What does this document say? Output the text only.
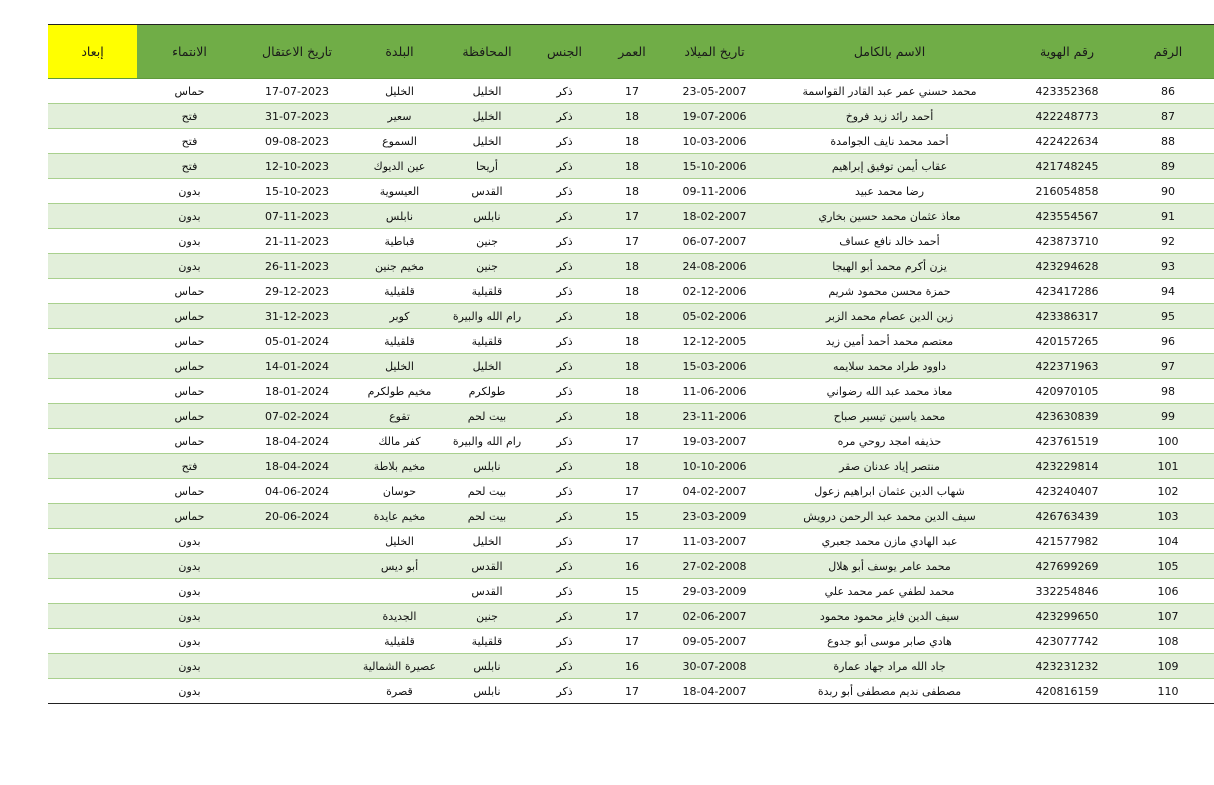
الرقم	رقم الهوية	الاسم بالكامل	تاريخ الميلاد	العمر	الجنس	المحافظة	البلدة	تاريخ الاعتقال	الانتماء	إبعاد
86	423352368	محمد حسني عمر عبد القادر القواسمة	23-05-2007	17	ذكر	الخليل	الخليل	17-07-2023	حماس	
87	422248773	أحمد رائد زيد فروخ	19-07-2006	18	ذكر	الخليل	سعير	31-07-2023	فتح	
88	422422634	أحمد محمد نايف الجوامدة	10-03-2006	18	ذكر	الخليل	السموع	09-08-2023	فتح	
89	421748245	عقاب أيمن توفيق إبراهيم	15-10-2006	18	ذكر	أريحا	عين الديوك	12-10-2023	فتح	
90	216054858	رضا محمد عبيد	09-11-2006	18	ذكر	القدس	العيسوية	15-10-2023	بدون	
91	423554567	معاذ عثمان محمد حسين بخاري	18-02-2007	17	ذكر	نابلس	نابلس	07-11-2023	بدون	
92	423873710	أحمد خالد نافع عساف	06-07-2007	17	ذكر	جنين	قباطية	21-11-2023	بدون	
93	423294628	يزن أكرم محمد أبو الهيجا	24-08-2006	18	ذكر	جنين	مخيم جنين	26-11-2023	بدون	
94	423417286	حمزة محسن محمود شريم	02-12-2006	18	ذكر	قلقيلية	قلقيلية	29-12-2023	حماس	
95	423386317	زين الدين عصام محمد الزبر	05-02-2006	18	ذكر	رام الله والبيرة	كوبر	31-12-2023	حماس	
96	420157265	معتصم محمد أحمد أمين زيد	12-12-2005	18	ذكر	قلقيلية	قلقيلية	05-01-2024	حماس	
97	422371963	داوود طراد محمد سلايمه	15-03-2006	18	ذكر	الخليل	الخليل	14-01-2024	حماس	
98	420970105	معاذ محمد عبد الله رضواني	11-06-2006	18	ذكر	طولكرم	مخيم طولكرم	18-01-2024	حماس	
99	423630839	محمد ياسين تيسير صباح	23-11-2006	18	ذكر	بيت لحم	تقوع	07-02-2024	حماس	
100	423761519	حذيفه امجد روحي مره	19-03-2007	17	ذكر	رام الله والبيرة	كفر مالك	18-04-2024	حماس	
101	423229814	منتصر إياد عدنان صقر	10-10-2006	18	ذكر	نابلس	مخيم بلاطة	18-04-2024	فتح	
102	423240407	شهاب الدين عثمان ابراهيم زعول	04-02-2007	17	ذكر	بيت لحم	حوسان	04-06-2024	حماس	
103	426763439	سيف الدين محمد عبد الرحمن درويش	23-03-2009	15	ذكر	بيت لحم	مخيم عايدة	20-06-2024	حماس	
104	421577982	عبد الهادي مازن محمد جعبري	11-03-2007	17	ذكر	الخليل	الخليل		بدون	
105	427699269	محمد عامر يوسف أبو هلال	27-02-2008	16	ذكر	القدس	أبو ديس		بدون	
106	332254846	محمد لطفي عمر محمد علي	29-03-2009	15	ذكر	القدس			بدون	
107	423299650	سيف الدين فايز محمود محمود	02-06-2007	17	ذكر	جنين	الجديدة		بدون	
108	423077742	هادي صابر موسى أبو جدوع	09-05-2007	17	ذكر	قلقيلية	قلقيلية		بدون	
109	423231232	جاد الله مراد جهاد عمارة	30-07-2008	16	ذكر	نابلس	عصيرة الشمالية		بدون	
110	420816159	مصطفى نديم مصطفى أبو ربدة	18-04-2007	17	ذكر	نابلس	قصرة		بدون	
